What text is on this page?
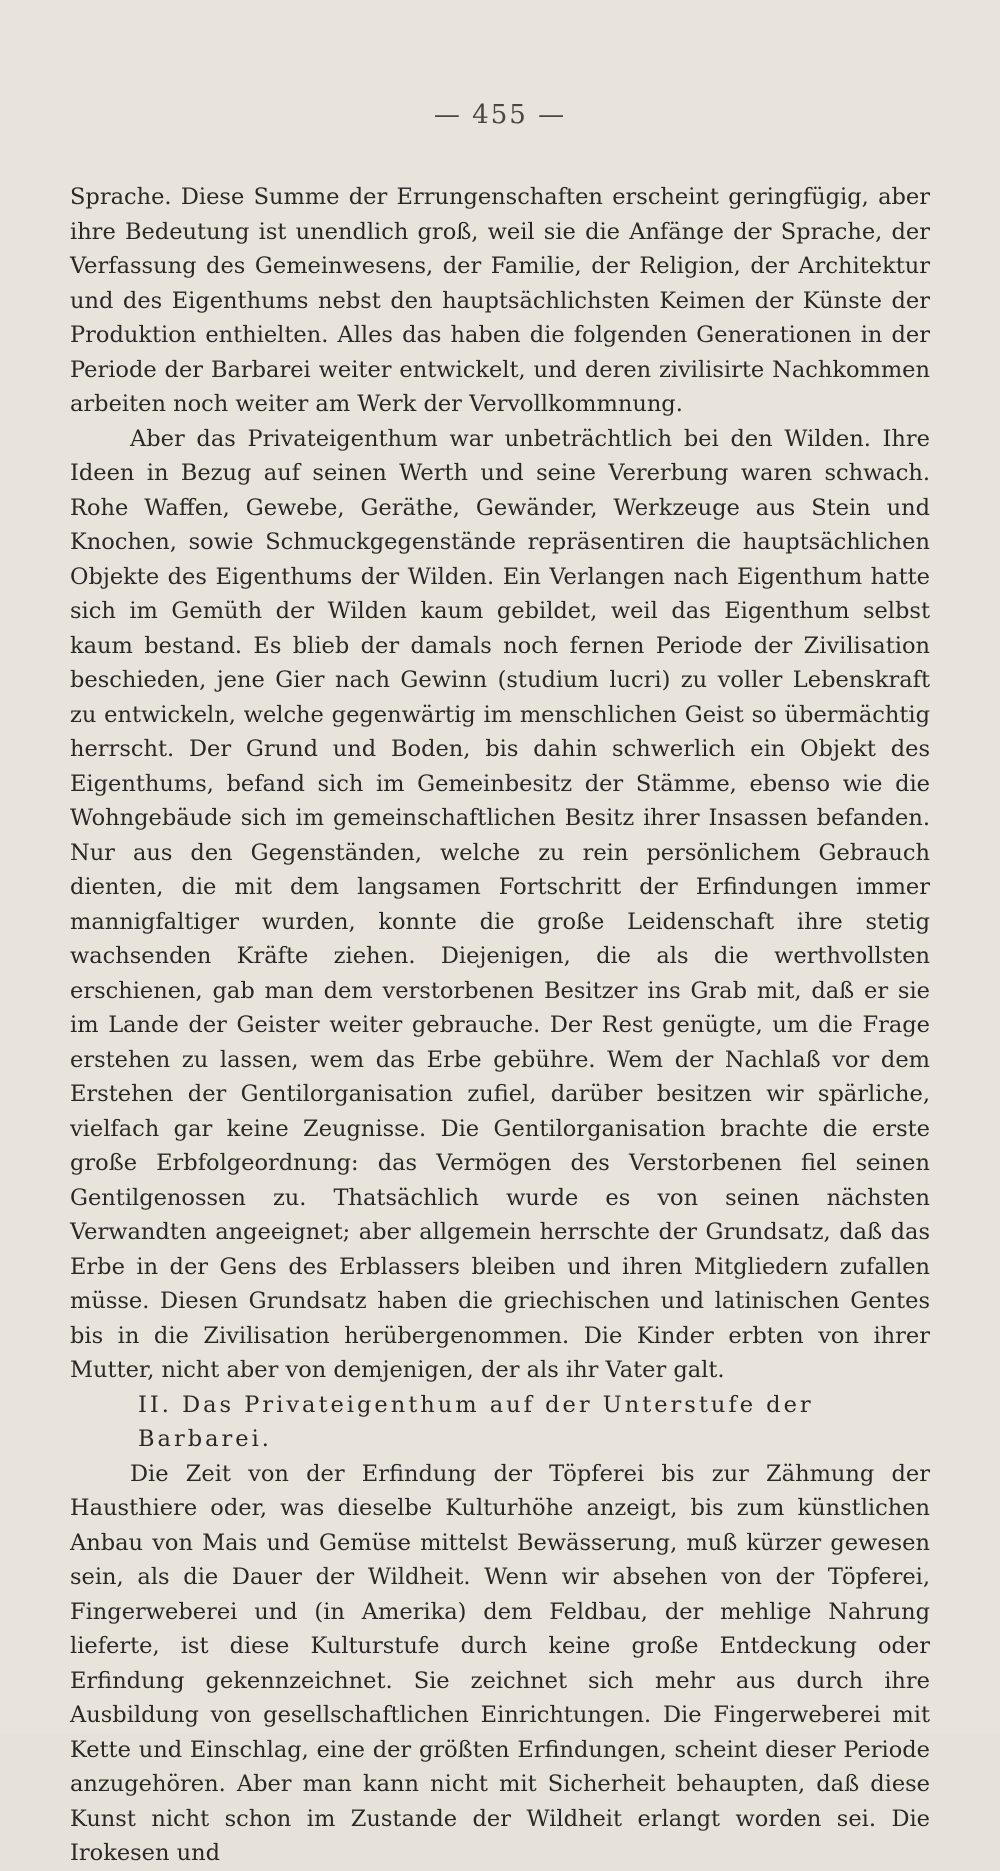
— 455 —

Sprache. Diese Summe der Errungenschaften erscheint geringfügig, aber ihre Bedeutung ist unendlich groß, weil sie die Anfänge der Sprache, der Verfassung des Gemeinwesens, der Familie, der Religion, der Architektur und des Eigenthums nebst den hauptsächlichsten Keimen der Künste der Produktion enthielten. Alles das haben die folgenden Generationen in der Periode der Barbarei weiter entwickelt, und deren zivilisirte Nachkommen arbeiten noch weiter am Werk der Vervollkommnung.

Aber das Privateigenthum war unbeträchtlich bei den Wilden. Ihre Ideen in Bezug auf seinen Werth und seine Vererbung waren schwach. Rohe Waffen, Gewebe, Geräthe, Gewänder, Werkzeuge aus Stein und Knochen, sowie Schmuckgegenstände repräsentiren die hauptsächlichen Objekte des Eigenthums der Wilden. Ein Verlangen nach Eigenthum hatte sich im Gemüth der Wilden kaum gebildet, weil das Eigenthum selbst kaum bestand. Es blieb der damals noch fernen Periode der Zivilisation beschieden, jene Gier nach Gewinn (studium lucri) zu voller Lebenskraft zu entwickeln, welche gegenwärtig im menschlichen Geist so übermächtig herrscht. Der Grund und Boden, bis dahin schwerlich ein Objekt des Eigenthums, befand sich im Gemeinbesitz der Stämme, ebenso wie die Wohngebäude sich im gemeinschaftlichen Besitz ihrer Insassen befanden. Nur aus den Gegenständen, welche zu rein persönlichem Gebrauch dienten, die mit dem langsamen Fortschritt der Erfindungen immer mannigfaltiger wurden, konnte die große Leidenschaft ihre stetig wachsenden Kräfte ziehen. Diejenigen, die als die werthvollsten erschienen, gab man dem verstorbenen Besitzer ins Grab mit, daß er sie im Lande der Geister weiter gebrauche. Der Rest genügte, um die Frage erstehen zu lassen, wem das Erbe gebühre. Wem der Nachlaß vor dem Erstehen der Gentilorganisation zufiel, darüber besitzen wir spärliche, vielfach gar keine Zeugnisse. Die Gentilorganisation brachte die erste große Erbfolgeordnung: das Vermögen des Verstorbenen fiel seinen Gentilgenossen zu. Thatsächlich wurde es von seinen nächsten Verwandten angeeignet; aber allgemein herrschte der Grundsatz, daß das Erbe in der Gens des Erblassers bleiben und ihren Mitgliedern zufallen müsse. Diesen Grundsatz haben die griechischen und latinischen Gentes bis in die Zivilisation herübergenommen. Die Kinder erbten von ihrer Mutter, nicht aber von demjenigen, der als ihr Vater galt.

II. Das Privateigenthum auf der Unterstufe der Barbarei.

Die Zeit von der Erfindung der Töpferei bis zur Zähmung der Hausthiere oder, was dieselbe Kulturhöhe anzeigt, bis zum künstlichen Anbau von Mais und Gemüse mittelst Bewässerung, muß kürzer gewesen sein, als die Dauer der Wildheit. Wenn wir absehen von der Töpferei, Fingerweberei und (in Amerika) dem Feldbau, der mehlige Nahrung lieferte, ist diese Kulturstufe durch keine große Entdeckung oder Erfindung gekennzeichnet. Sie zeichnet sich mehr aus durch ihre Ausbildung von gesellschaftlichen Einrichtungen. Die Fingerweberei mit Kette und Einschlag, eine der größten Erfindungen, scheint dieser Periode anzugehören. Aber man kann nicht mit Sicherheit behaupten, daß diese Kunst nicht schon im Zustande der Wildheit erlangt worden sei. Die Irokesen und
